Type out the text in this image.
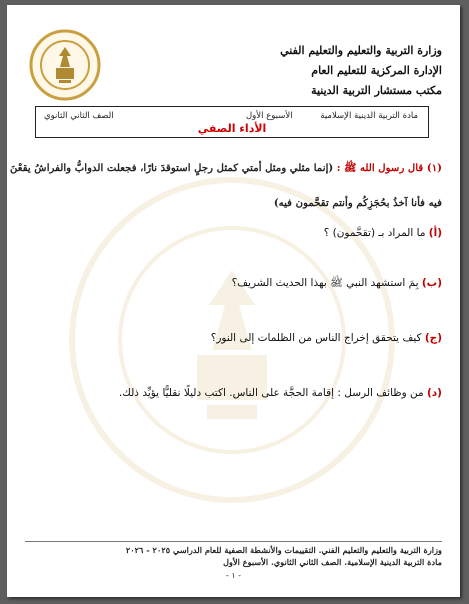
وزارة التربية والتعليم والتعليم الفني
الإدارة المركزية للتعليم العام
مكتب مستشار التربية الدينية
مادة التربية الدينية الإسلامية
الأسبوع الأول
الصف الثاني الثانوي
الأداء الصفي
(١) قال رسول الله ﷺ : (إنما مثلي ومثل أمتي كمثل رجلٍ استوقدَ نارًا، فجعلت الدوابُّ والفراشُ يقعْنَ
فيه فأنا آخذُ بحُجَزِكُم وأنتم تقحَّمون فيه)
(أ) ما المراد بـ (تقحَّمون) ؟
(ب) بِمَ استشهد النبي ﷺ بهذا الحديث الشريف؟
(ج) كيف يتحقق إخراج الناس من الظلمات إلى النور؟
(د) من وظائف الرسل : إقامة الحجَّة على الناس. اكتب دليلًا نقليًّا يؤيِّد ذلك.
وزارة التربية والتعليم والتعليم الفني. التقييمات والأنشطة الصفية للعام الدراسي ٢٠٢٥ - ٢٠٢٦
مادة التربية الدينية الإسلامية. الصف الثاني الثانوي. الأسبوع الأول
- ١ -
